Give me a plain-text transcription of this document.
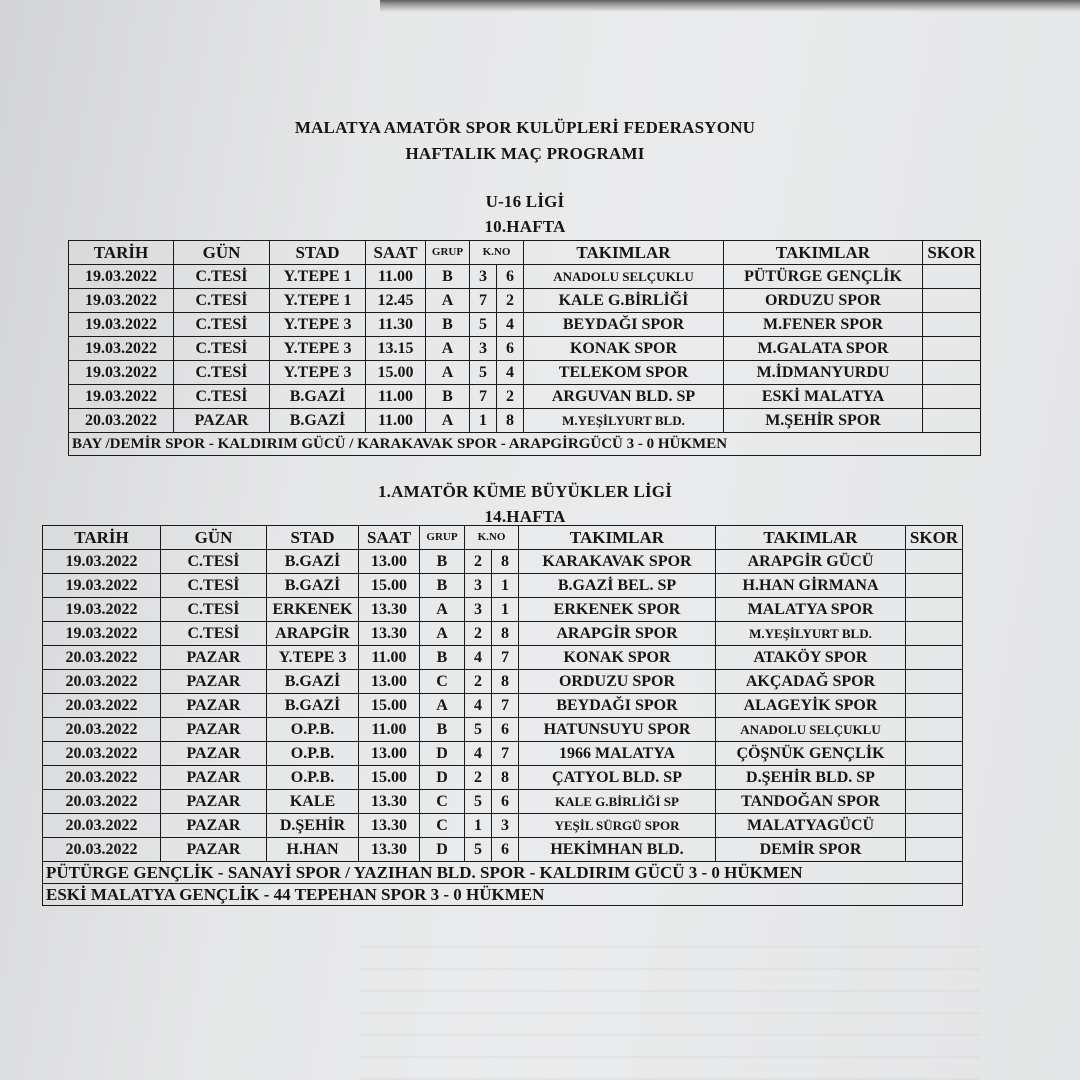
MALATYA AMATÖR SPOR KULÜPLERİ FEDERASYONU
HAFTALIK MAÇ PROGRAMI
U-16 LİGİ
10.HAFTA
TARİH	GÜN	STAD	SAAT	GRUP	K.NO		TAKIMLAR	TAKIMLAR	SKOR
19.03.2022	C.TESİ	Y.TEPE 1	11.00	B	3	6	ANADOLU SELÇUKLU	PÜTÜRGE GENÇLİK	
19.03.2022	C.TESİ	Y.TEPE 1	12.45	A	7	2	KALE G.BİRLİĞİ	ORDUZU SPOR	
19.03.2022	C.TESİ	Y.TEPE 3	11.30	B	5	4	BEYDAĞI SPOR	M.FENER SPOR	
19.03.2022	C.TESİ	Y.TEPE 3	13.15	A	3	6	KONAK SPOR	M.GALATA SPOR	
19.03.2022	C.TESİ	Y.TEPE 3	15.00	A	5	4	TELEKOM SPOR	M.İDMANYURDU	
19.03.2022	C.TESİ	B.GAZİ	11.00	B	7	2	ARGUVAN BLD. SP	ESKİ MALATYA	
20.03.2022	PAZAR	B.GAZİ	11.00	A	1	8	M.YEŞİLYURT BLD.	M.ŞEHİR SPOR	
BAY /DEMİR SPOR - KALDIRIM GÜCÜ / KARAKAVAK SPOR - ARAPGİRGÜCÜ 3 - 0 HÜKMEN									
1.AMATÖR KÜME BÜYÜKLER LİGİ
14.HAFTA
TARİH	GÜN	STAD	SAAT	GRUP	K.NO		TAKIMLAR	TAKIMLAR	SKOR
19.03.2022	C.TESİ	B.GAZİ	13.00	B	2	8	KARAKAVAK SPOR	ARAPGİR GÜCÜ	
19.03.2022	C.TESİ	B.GAZİ	15.00	B	3	1	B.GAZİ BEL. SP	H.HAN GİRMANA	
19.03.2022	C.TESİ	ERKENEK	13.30	A	3	1	ERKENEK SPOR	MALATYA SPOR	
19.03.2022	C.TESİ	ARAPGİR	13.30	A	2	8	ARAPGİR SPOR	M.YEŞİLYURT BLD.	
20.03.2022	PAZAR	Y.TEPE 3	11.00	B	4	7	KONAK SPOR	ATAKÖY SPOR	
20.03.2022	PAZAR	B.GAZİ	13.00	C	2	8	ORDUZU SPOR	AKÇADAĞ SPOR	
20.03.2022	PAZAR	B.GAZİ	15.00	A	4	7	BEYDAĞI SPOR	ALAGEYİK SPOR	
20.03.2022	PAZAR	O.P.B.	11.00	B	5	6	HATUNSUYU SPOR	ANADOLU SELÇUKLU	
20.03.2022	PAZAR	O.P.B.	13.00	D	4	7	1966 MALATYA	ÇÖŞNÜK GENÇLİK	
20.03.2022	PAZAR	O.P.B.	15.00	D	2	8	ÇATYOL BLD. SP	D.ŞEHİR BLD. SP	
20.03.2022	PAZAR	KALE	13.30	C	5	6	KALE G.BİRLİĞİ SP	TANDOĞAN SPOR	
20.03.2022	PAZAR	D.ŞEHİR	13.30	C	1	3	YEŞİL SÜRGÜ SPOR	MALATYAGÜCÜ	
20.03.2022	PAZAR	H.HAN	13.30	D	5	6	HEKİMHAN BLD.	DEMİR SPOR	
PÜTÜRGE GENÇLİK - SANAYİ SPOR / YAZIHAN BLD. SPOR - KALDIRIM GÜCÜ 3 - 0 HÜKMEN									
ESKİ MALATYA GENÇLİK - 44 TEPEHAN SPOR 3 - 0 HÜKMEN									
